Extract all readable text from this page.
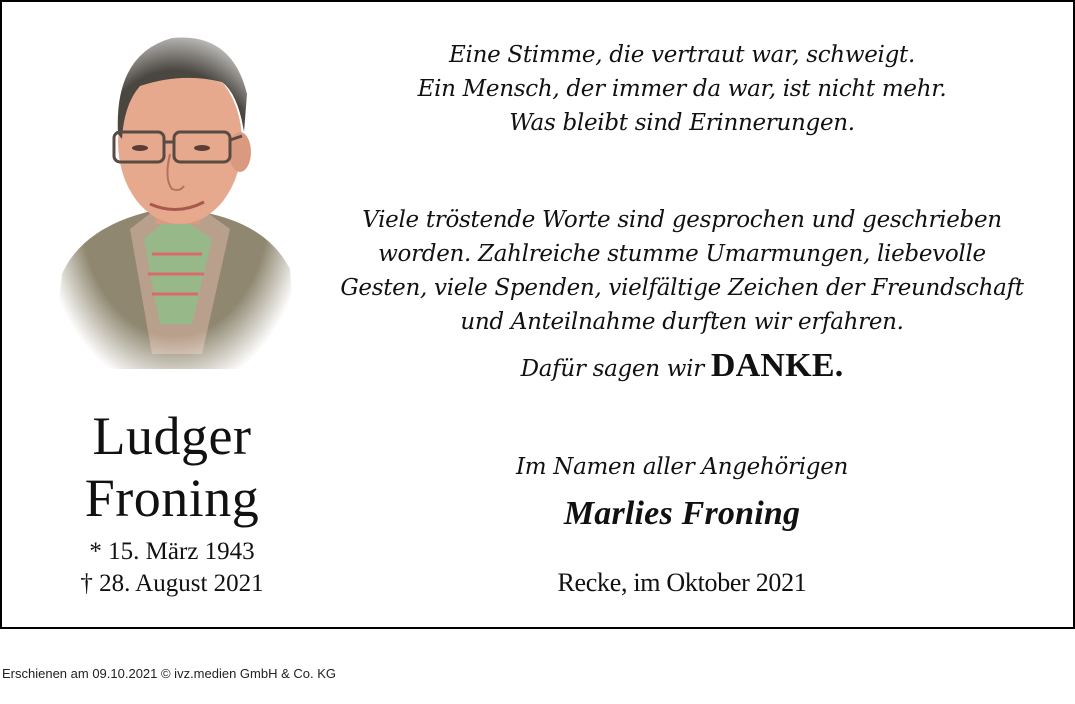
Ludger
Froning
* 15. März 1943
† 28. August 2021
Eine Stimme, die vertraut war, schweigt.
Ein Mensch, der immer da war, ist nicht mehr.
Was bleibt sind Erinnerungen.
Viele tröstende Worte sind gesprochen und geschrieben
worden. Zahlreiche stumme Umarmungen, liebevolle
Gesten, viele Spenden, vielfältige Zeichen der Freundschaft
und Anteilnahme durften wir erfahren.
Dafür sagen wir DANKE.
Im Namen aller Angehörigen
Marlies Froning
Recke, im Oktober 2021
Erschienen am 09.10.2021 © ivz.medien GmbH & Co. KG
